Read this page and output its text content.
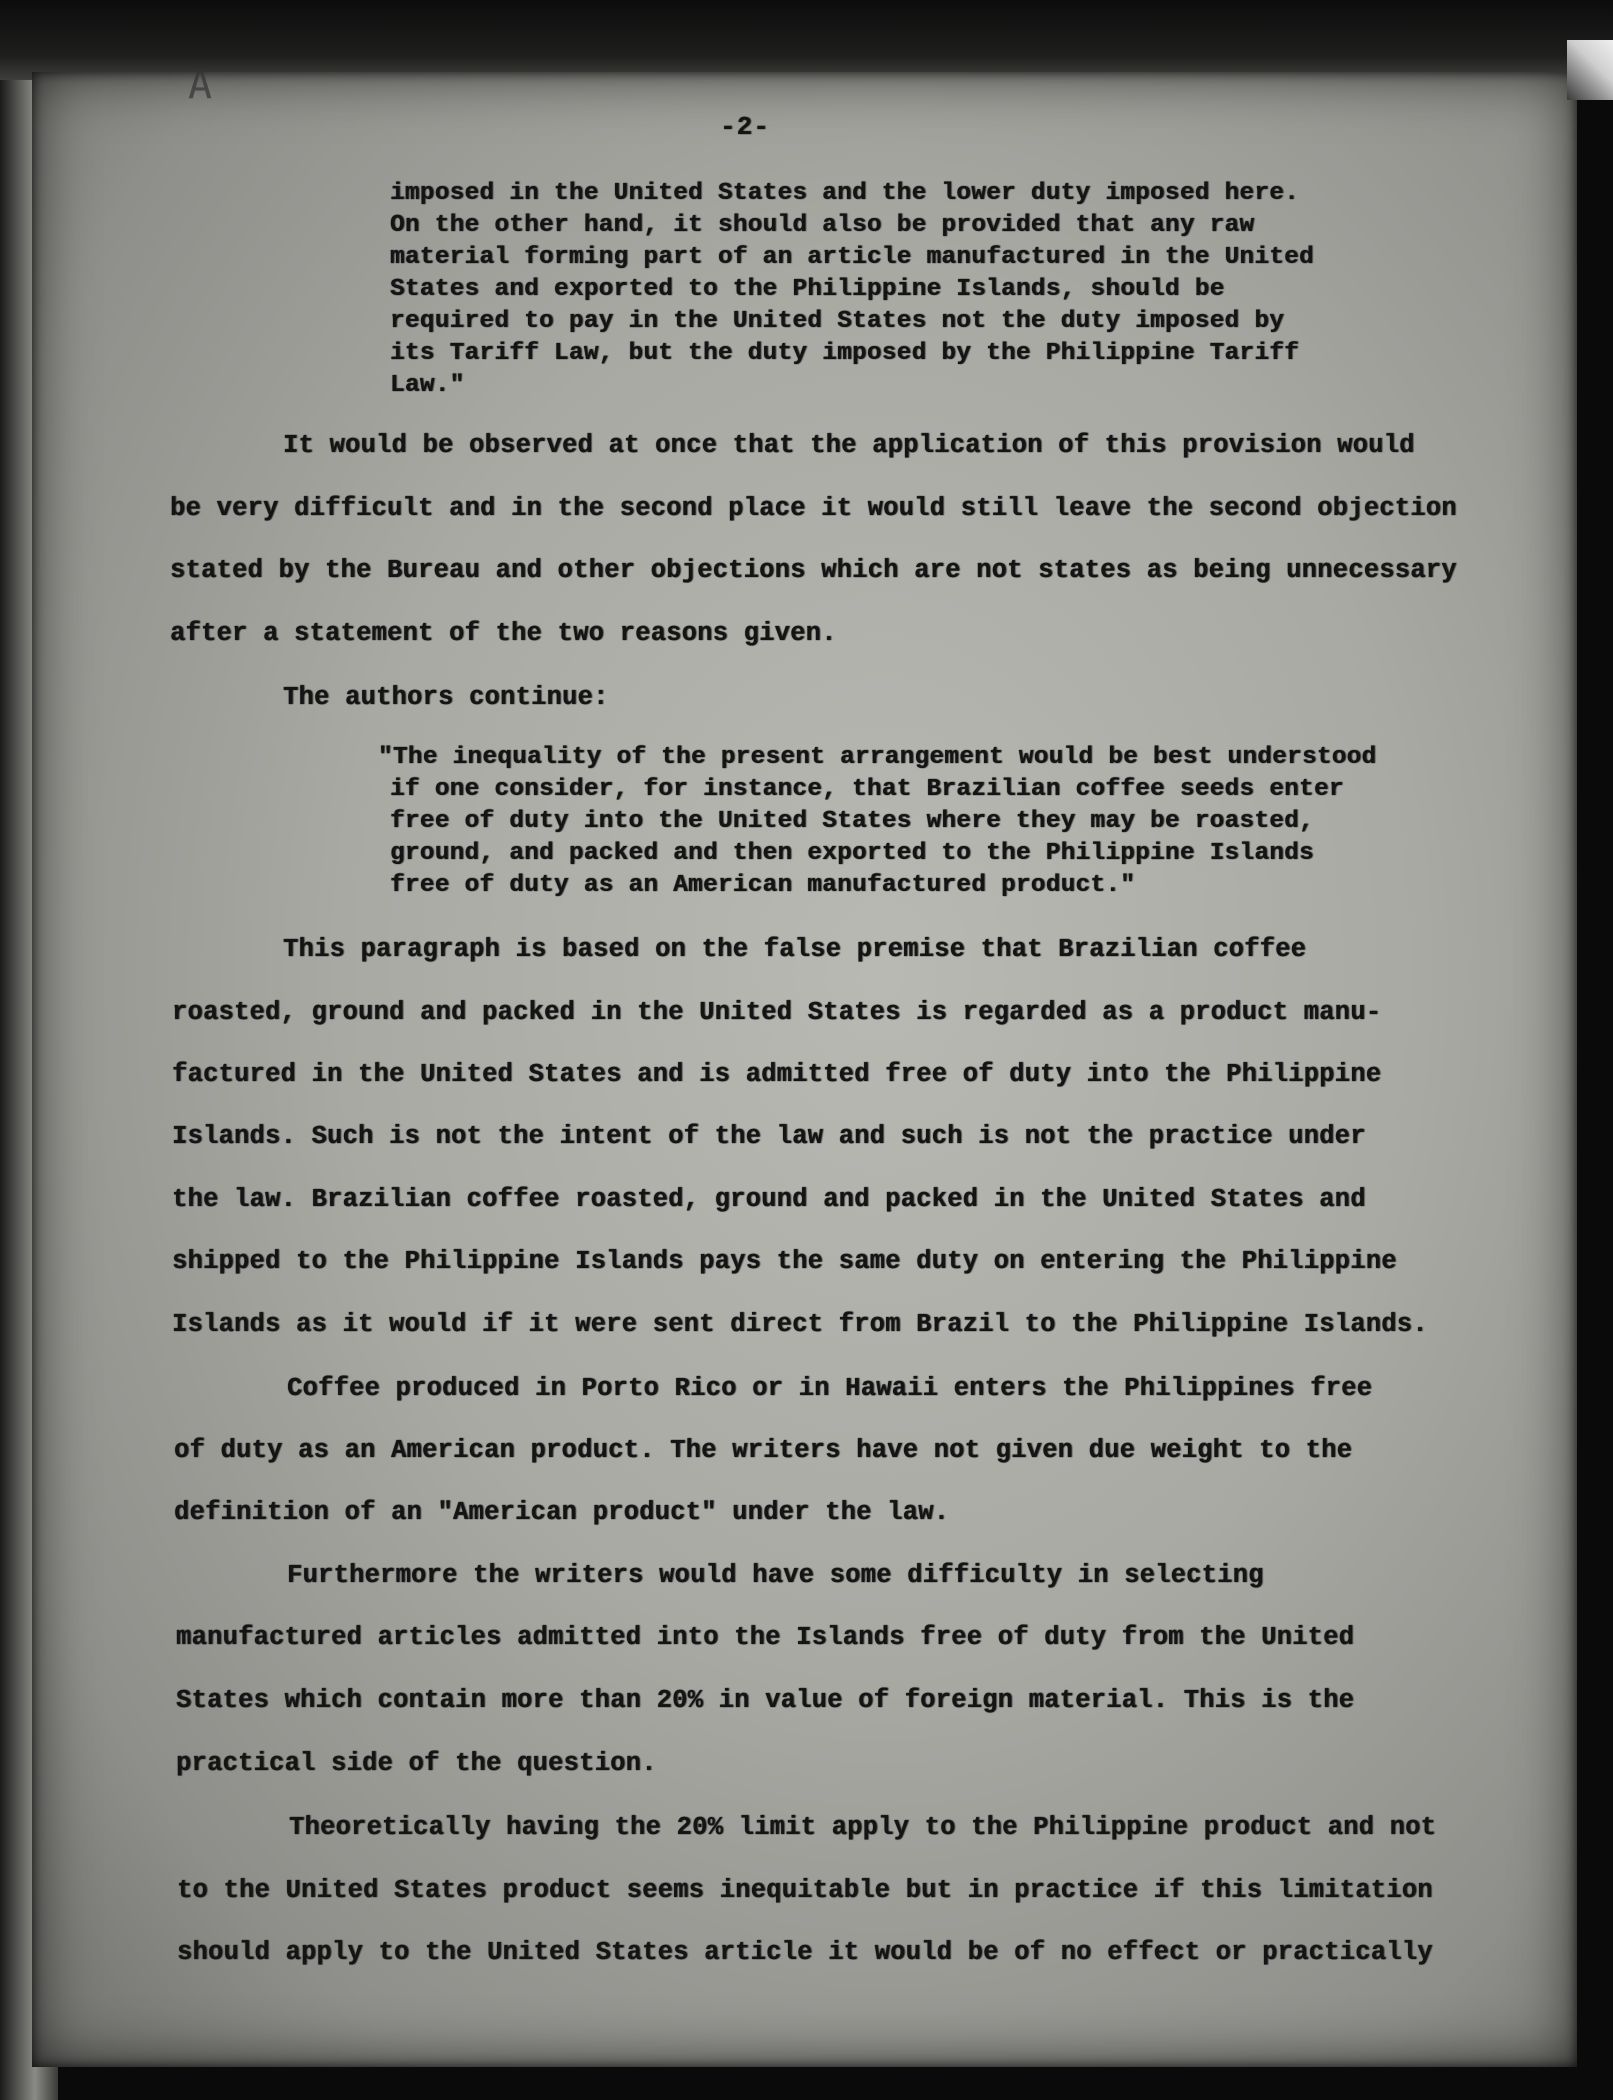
A
-2-
imposed in the United States and the lower duty imposed here.
On the other hand, it should also be provided that any raw
material forming part of an article manufactured in the United
States and exported to the Philippine Islands, should be
required to pay in the United States not the duty imposed by
its Tariff Law, but the duty imposed by the Philippine Tariff
Law."
It would be observed at once that the application of this provision would
be very difficult and in the second place it would still leave the second objection
stated by the Bureau and other objections which are not states as being unnecessary
after a statement of the two reasons given.
The authors continue:
"The inequality of the present arrangement would be best understood
if one consider, for instance, that Brazilian coffee seeds enter
free of duty into the United States where they may be roasted,
ground, and packed and then exported to the Philippine Islands
free of duty as an American manufactured product."
This paragraph is based on the false premise that Brazilian coffee
roasted, ground and packed in the United States is regarded as a product manu-
factured in the United States and is admitted free of duty into the Philippine
Islands. Such is not the intent of the law and such is not the practice under
the law. Brazilian coffee roasted, ground and packed in the United States and
shipped to the Philippine Islands pays the same duty on entering the Philippine
Islands as it would if it were sent direct from Brazil to the Philippine Islands.
Coffee produced in Porto Rico or in Hawaii enters the Philippines free
of duty as an American product. The writers have not given due weight to the
definition of an "American product" under the law.
Furthermore the writers would have some difficulty in selecting
manufactured articles admitted into the Islands free of duty from the United
States which contain more than 20% in value of foreign material. This is the
practical side of the question.
Theoretically having the 20% limit apply to the Philippine product and not
to the United States product seems inequitable but in practice if this limitation
should apply to the United States article it would be of no effect or practically
